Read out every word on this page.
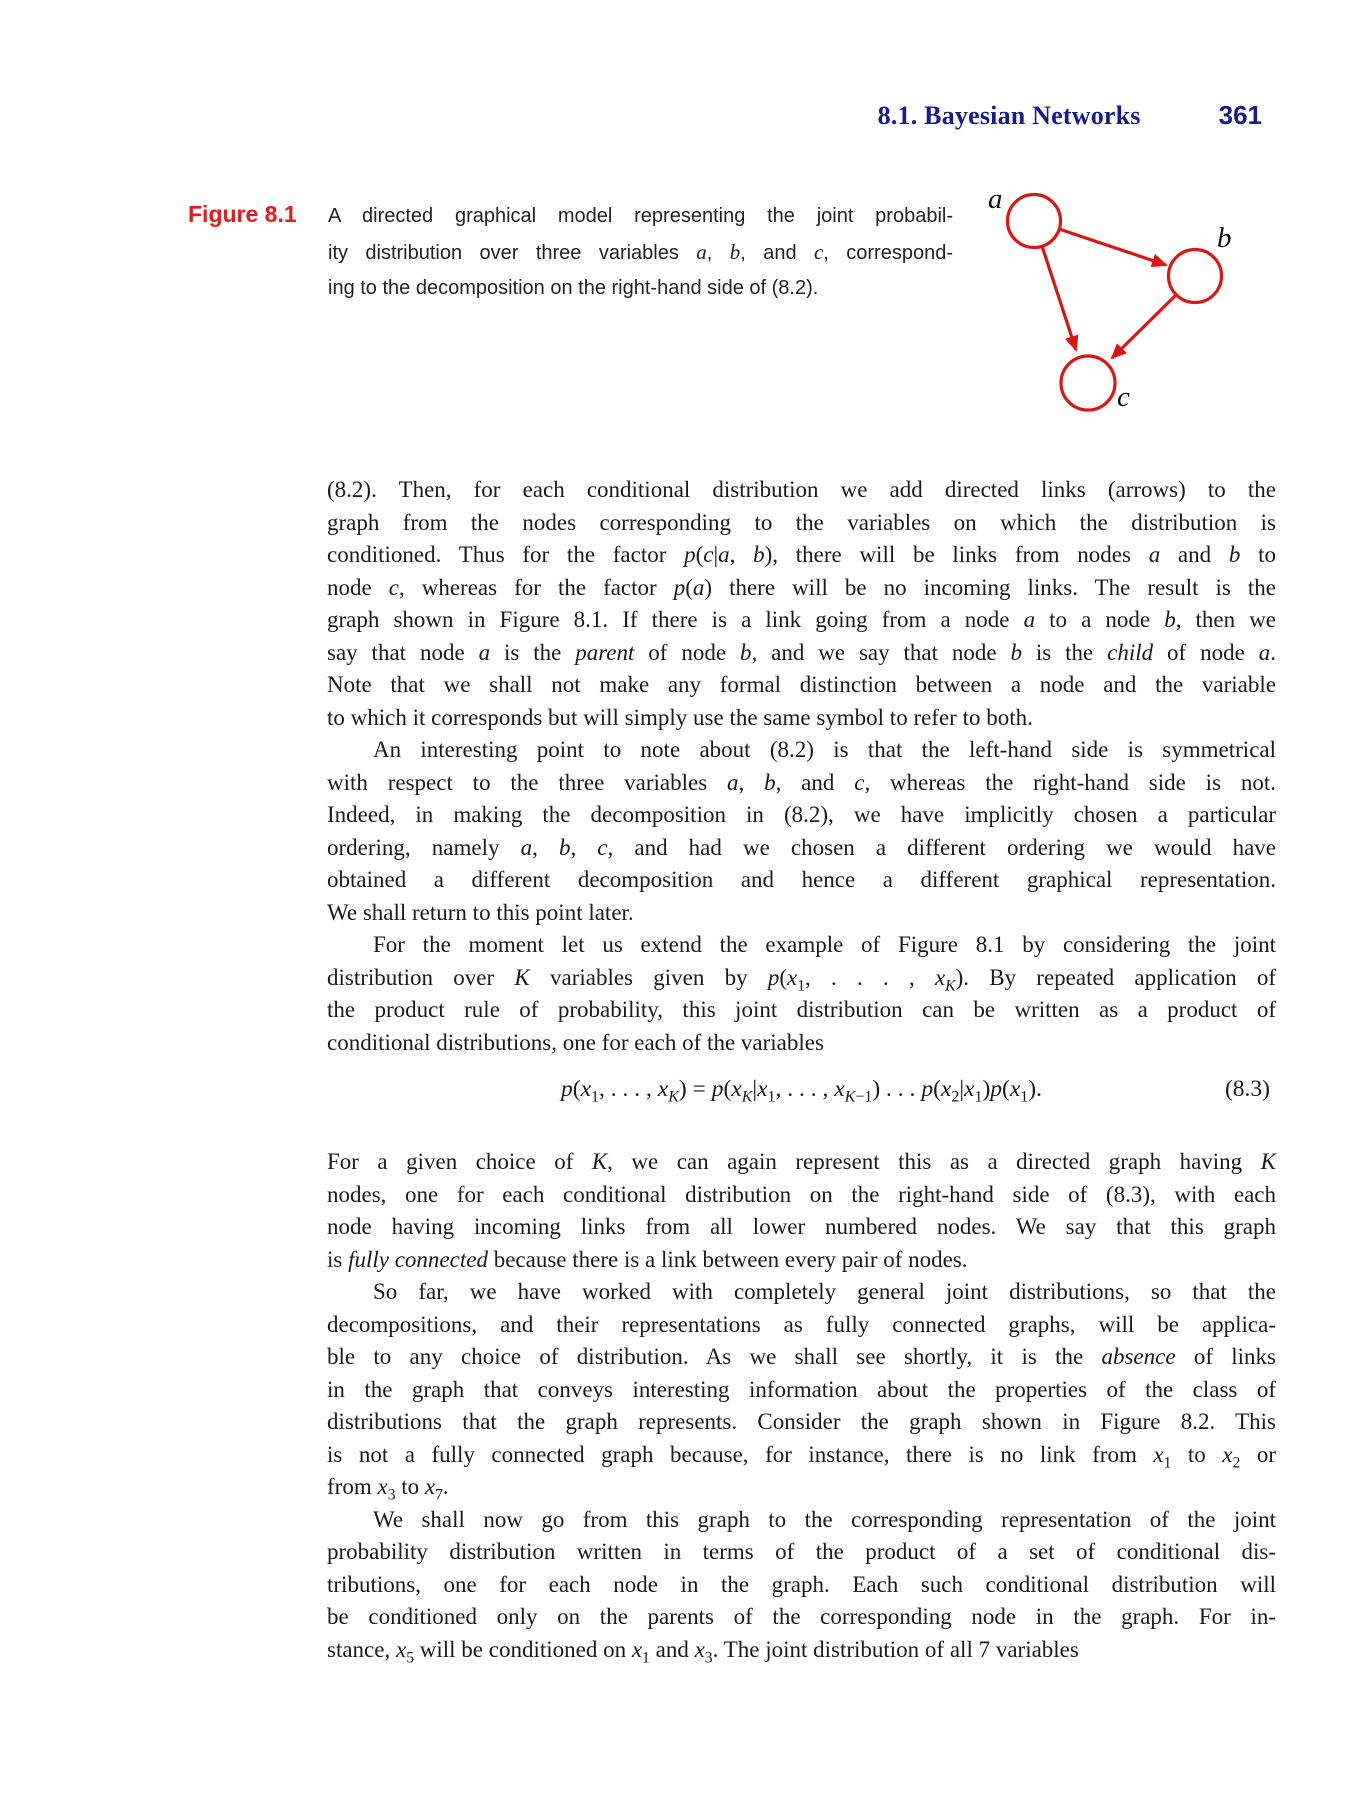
8.1. Bayesian Networks	361
Figure 8.1 A directed graphical model representing the joint probabil-
ity distribution over three variables a, b, and c, correspond-
ing to the decomposition on the right-hand side of (8.2).
a
b
c
(8.2). Then, for each conditional distribution we add directed links (arrows) to the
graph from the nodes corresponding to the variables on which the distribution is
conditioned. Thus for the factor p(c|a, b), there will be links from nodes a and b to
node c, whereas for the factor p(a) there will be no incoming links. The result is the
graph shown in Figure 8.1. If there is a link going from a node a to a node b, then we
say that node a is the parent of node b, and we say that node b is the child of node a.
Note that we shall not make any formal distinction between a node and the variable
to which it corresponds but will simply use the same symbol to refer to both.
An interesting point to note about (8.2) is that the left-hand side is symmetrical
with respect to the three variables a, b, and c, whereas the right-hand side is not.
Indeed, in making the decomposition in (8.2), we have implicitly chosen a particular
ordering, namely a, b, c, and had we chosen a different ordering we would have
obtained a different decomposition and hence a different graphical representation.
We shall return to this point later.
For the moment let us extend the example of Figure 8.1 by considering the joint
distribution over K variables given by $p(x_1$, . . . , $x_K$). By repeated application of
the product rule of probability, this joint distribution can be written as a product of
conditional distributions, one for each of the variables
$p(x_1$, . . . , $x_K) = p(x_K|x_1$, . . . , $x_{K-1}$) . . . $p(x_2|x_1)p(x_1)$.	(8.3)
For a given choice of K, we can again represent this as a directed graph having K
nodes, one for each conditional distribution on the right-hand side of (8.3), with each
node having incoming links from all lower numbered nodes. We say that this graph
is fully connected because there is a link between every pair of nodes.
So far, we have worked with completely general joint distributions, so that the
decompositions, and their representations as fully connected graphs, will be applica-
ble to any choice of distribution. As we shall see shortly, it is the absence of links
in the graph that conveys interesting information about the properties of the class of
distributions that the graph represents. Consider the graph shown in Figure 8.2. This
is not a fully connected graph because, for instance, there is no link from $x_1$ to $x_2$ or
from $x_3$ to $x_7$.
We shall now go from this graph to the corresponding representation of the joint
probability distribution written in terms of the product of a set of conditional dis-
tributions, one for each node in the graph. Each such conditional distribution will
be conditioned only on the parents of the corresponding node in the graph. For in-
stance, $x_5$ will be conditioned on $x_1$ and $x_3$. The joint distribution of all 7 variables
